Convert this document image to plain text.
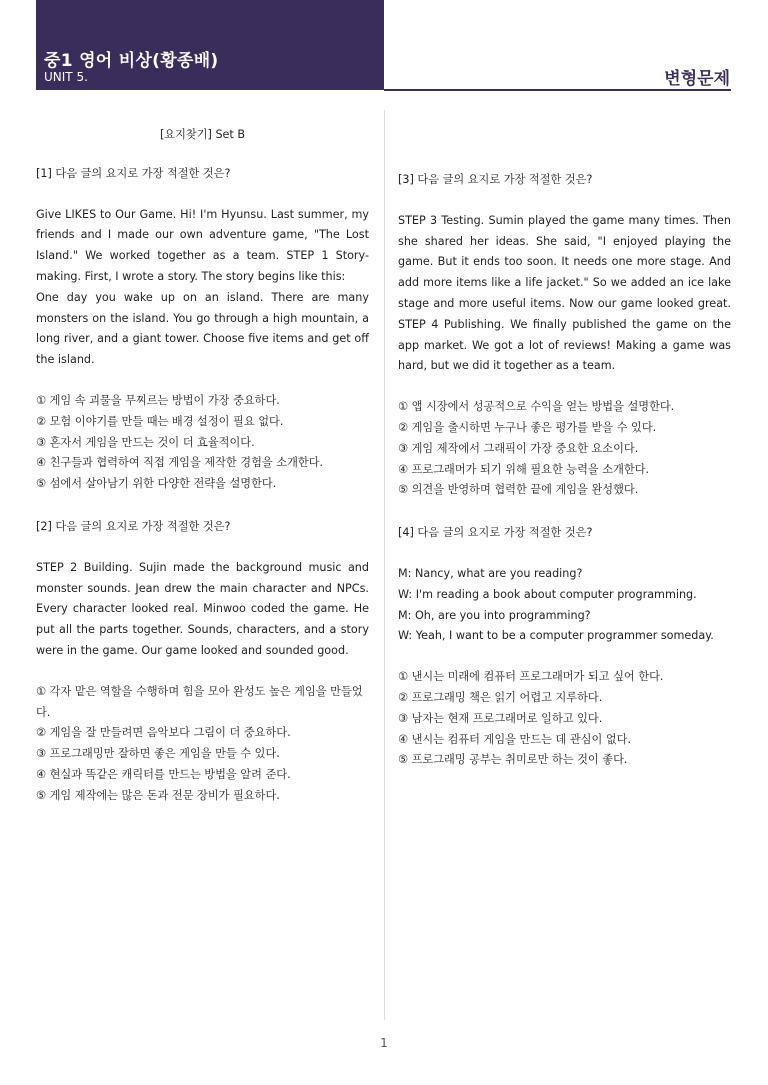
중1 영어 비상(황종배)
UNIT 5.	변형문제
[요지찾기] Set B
[1] 다음 글의 요지로 가장 적절한 것은?

Give LIKES to Our Game. Hi! I'm Hyunsu. Last summer, my friends and I made our own adventure game, "The Lost Island." We worked together as a team. STEP 1 Story-making. First, I wrote a story. The story begins like this:

One day you wake up on an island. There are many monsters on the island. You go through a high mountain, a long river, and a giant tower. Choose five items and get off the island.

① 게임 속 괴물을 무찌르는 방법이 가장 중요하다.
② 모험 이야기를 만들 때는 배경 설정이 필요 없다.
③ 혼자서 게임을 만드는 것이 더 효율적이다.
④ 친구들과 협력하여 직접 게임을 제작한 경험을 소개한다.
⑤ 섬에서 살아남기 위한 다양한 전략을 설명한다.
[2] 다음 글의 요지로 가장 적절한 것은?

STEP 2 Building. Sujin made the background music and monster sounds. Jean drew the main character and NPCs. Every character looked real. Minwoo coded the game. He put all the parts together. Sounds, characters, and a story were in the game. Our game looked and sounded good.

① 각자 맡은 역할을 수행하며 힘을 모아 완성도 높은 게임을 만들었다.
② 게임을 잘 만들려면 음악보다 그림이 더 중요하다.
③ 프로그래밍만 잘하면 좋은 게임을 만들 수 있다.
④ 현실과 똑같은 캐릭터를 만드는 방법을 알려 준다.
⑤ 게임 제작에는 많은 돈과 전문 장비가 필요하다.
[3] 다음 글의 요지로 가장 적절한 것은?

STEP 3 Testing. Sumin played the game many times. Then she shared her ideas. She said, "I enjoyed playing the game. But it ends too soon. It needs one more stage. And add more items like a life jacket." So we added an ice lake stage and more useful items. Now our game looked great. STEP 4 Publishing. We finally published the game on the app market. We got a lot of reviews! Making a game was hard, but we did it together as a team.

① 앱 시장에서 성공적으로 수익을 얻는 방법을 설명한다.
② 게임을 출시하면 누구나 좋은 평가를 받을 수 있다.
③ 게임 제작에서 그래픽이 가장 중요한 요소이다.
④ 프로그래머가 되기 위해 필요한 능력을 소개한다.
⑤ 의견을 반영하며 협력한 끝에 게임을 완성했다.
[4] 다음 글의 요지로 가장 적절한 것은?

M: Nancy, what are you reading?

W: I'm reading a book about computer programming.

M: Oh, are you into programming?

W: Yeah, I want to be a computer programmer someday.

① 낸시는 미래에 컴퓨터 프로그래머가 되고 싶어 한다.
② 프로그래밍 책은 읽기 어렵고 지루하다.
③ 남자는 현재 프로그래머로 일하고 있다.
④ 낸시는 컴퓨터 게임을 만드는 데 관심이 없다.
⑤ 프로그래밍 공부는 취미로만 하는 것이 좋다.
1
